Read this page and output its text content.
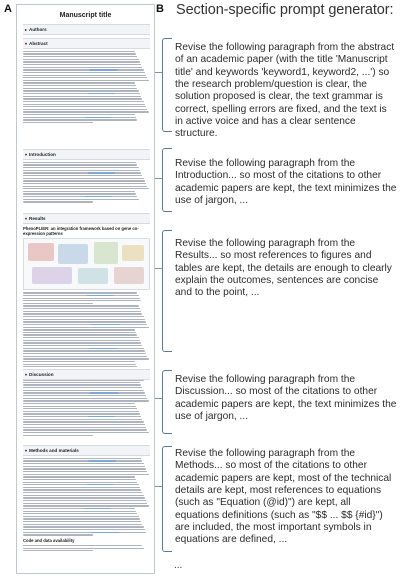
A	B
Manuscript title
▸ Authors
▾ Abstract
▾ Introduction
▾ Results
PhenoPLIER: an integration framework based on gene co-expression patterns
▾ Discussion
▾ Methods and materials
Code and data availability
Section-specific prompt generator:
Revise the following paragraph from the abstract of an academic paper (with the title 'Manuscript title' and keywords 'keyword1, keyword2, ...') so the research problem/question is clear, the solution proposed is clear, the text grammar is correct, spelling errors are fixed, and the text is in active voice and has a clear sentence structure.
Revise the following paragraph from the Introduction... so most of the citations to other academic papers are kept, the text minimizes the use of jargon, ...
Revise the following paragraph from the Results... so most references to figures and tables are kept, the details are enough to clearly explain the outcomes, sentences are concise and to the point, ...
Revise the following paragraph from the Discussion... so most of the citations to other academic papers are kept, the text minimizes the use of jargon, ...
Revise the following paragraph from the Methods... so most of the citations to other academic papers are kept, most of the technical details are kept, most references to equations (such as "Equation (@id)") are kept, all equations definitions (such as "$$ ... $$ {#id}") are included, the most important symbols in equations are defined, ...
...
